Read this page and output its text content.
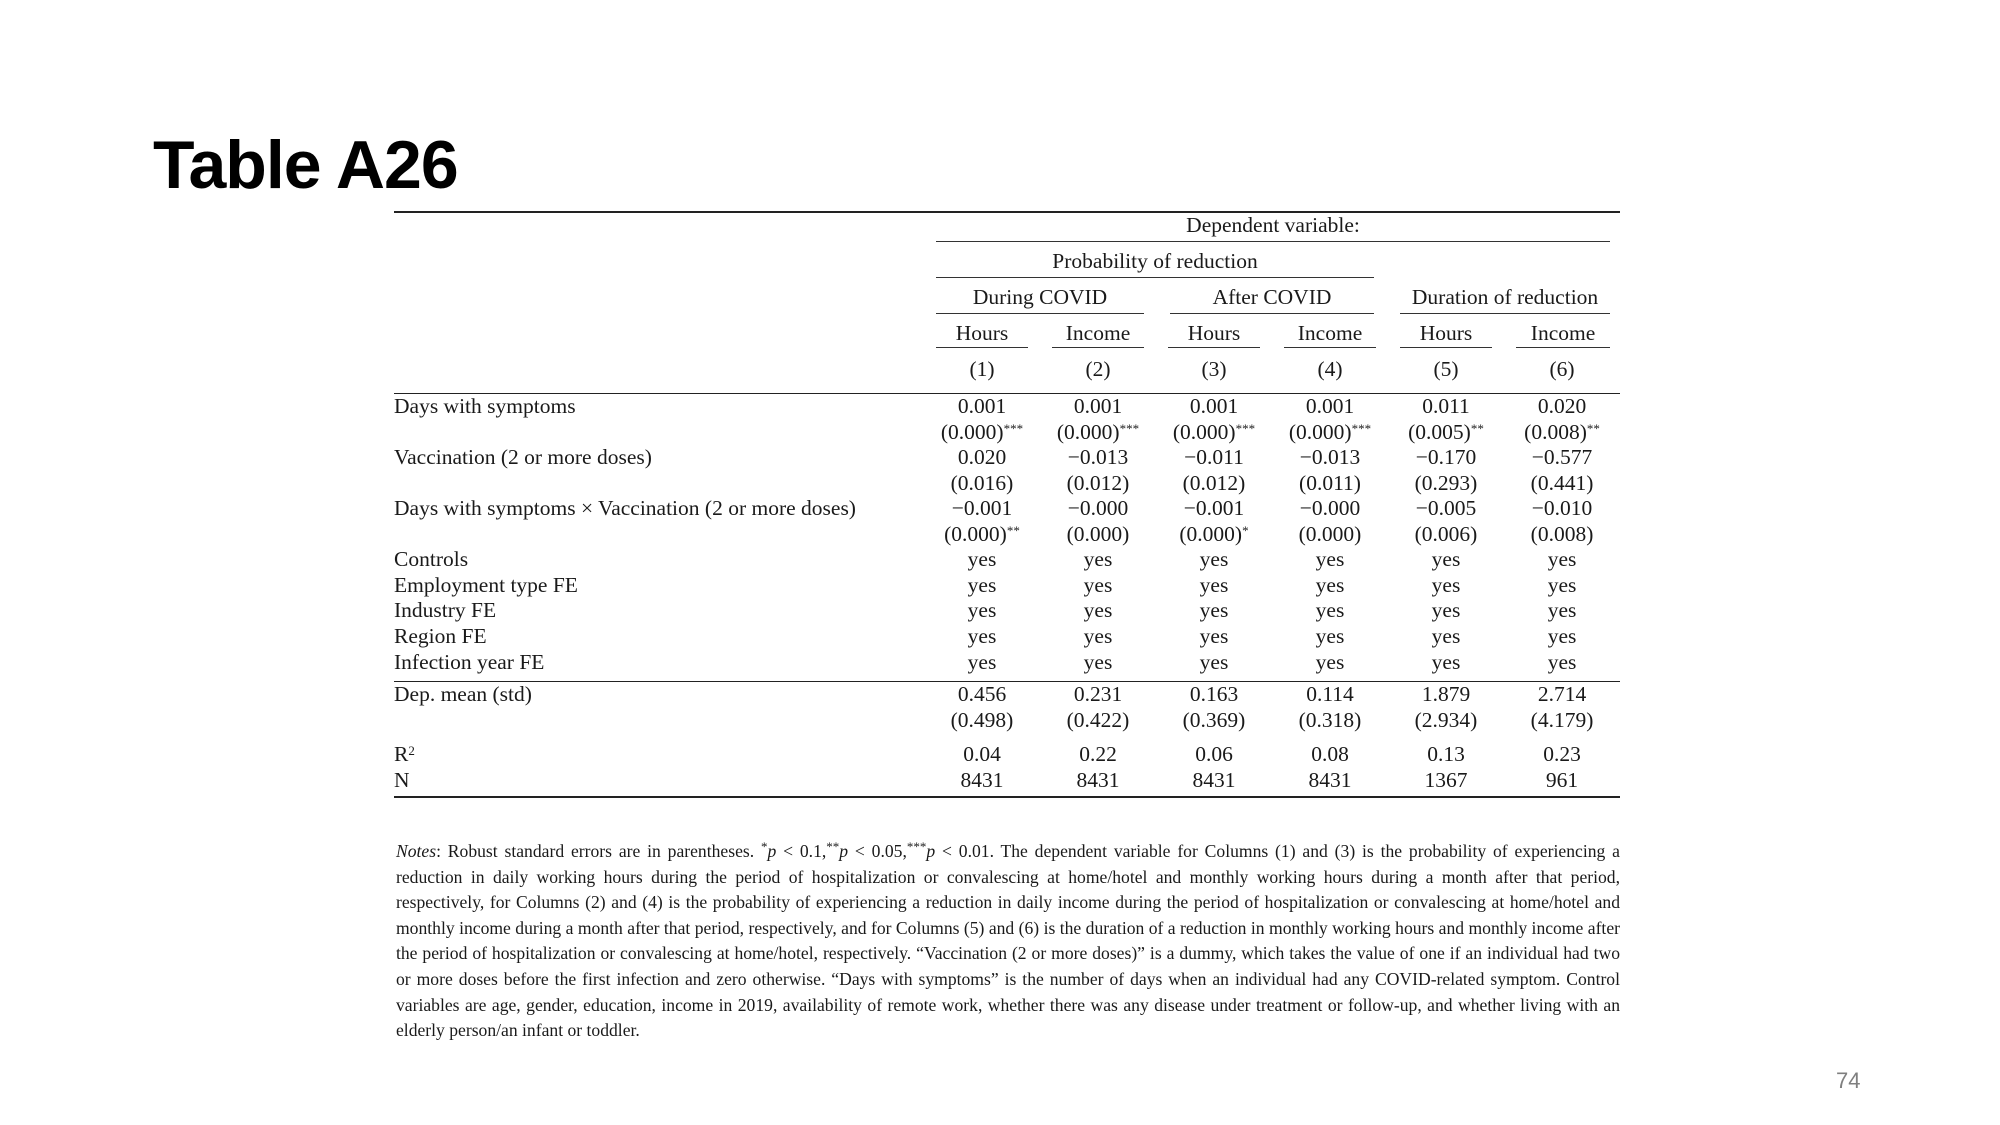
Table A26

	Dependent variable:					

	Probability of reduction					

	During COVID		After COVID		Duration of reduction	

	Hours	Income	Hours	Income	Hours	Income

	(1)	(2)	(3)	(4)	(5)	(6)
Days with symptoms	0.001	0.001	0.001	0.001	0.011	0.020
	(0.000)***	(0.000)***	(0.000)***	(0.000)***	(0.005)**	(0.008)**
Vaccination (2 or more doses)	0.020	−0.013	−0.011	−0.013	−0.170	−0.577
	(0.016)	(0.012)	(0.012)	(0.011)	(0.293)	(0.441)
Days with symptoms × Vaccination (2 or more doses)	−0.001	−0.000	−0.001	−0.000	−0.005	−0.010
	(0.000)**	(0.000)	(0.000)*	(0.000)	(0.006)	(0.008)
Controls	yes	yes	yes	yes	yes	yes
Employment type FE	yes	yes	yes	yes	yes	yes
Industry FE	yes	yes	yes	yes	yes	yes
Region FE	yes	yes	yes	yes	yes	yes
Infection year FE	yes	yes	yes	yes	yes	yes
Dep. mean (std)	0.456	0.231	0.163	0.114	1.879	2.714
	(0.498)	(0.422)	(0.369)	(0.318)	(2.934)	(4.179)
$R^2$	0.04	0.22	0.06	0.08	0.13	0.23
N	8431	8431	8431	8431	1367	961
Notes: Robust standard errors are in parentheses. *p < 0.1,**p < 0.05,***p < 0.01. The dependent variable for Columns (1) and (3) is the probability of experiencing a reduction in daily working hours during the period of hospitalization or convalescing at home/hotel and monthly working hours during a month after that period, respectively, for Columns (2) and (4) is the probability of experiencing a reduction in daily income during the period of hospitalization or convalescing at home/hotel and monthly income during a month after that period, respectively, and for Columns (5) and (6) is the duration of a reduction in monthly working hours and monthly income after the period of hospitalization or convalescing at home/hotel, respectively. “Vaccination (2 or more doses)” is a dummy, which takes the value of one if an individual had two or more doses before the first infection and zero otherwise. “Days with symptoms” is the number of days when an individual had any COVID-related symptom. Control variables are age, gender, education, income in 2019, availability of remote work, whether there was any disease under treatment or follow-up, and whether living with an elderly person/an infant or toddler.
74
